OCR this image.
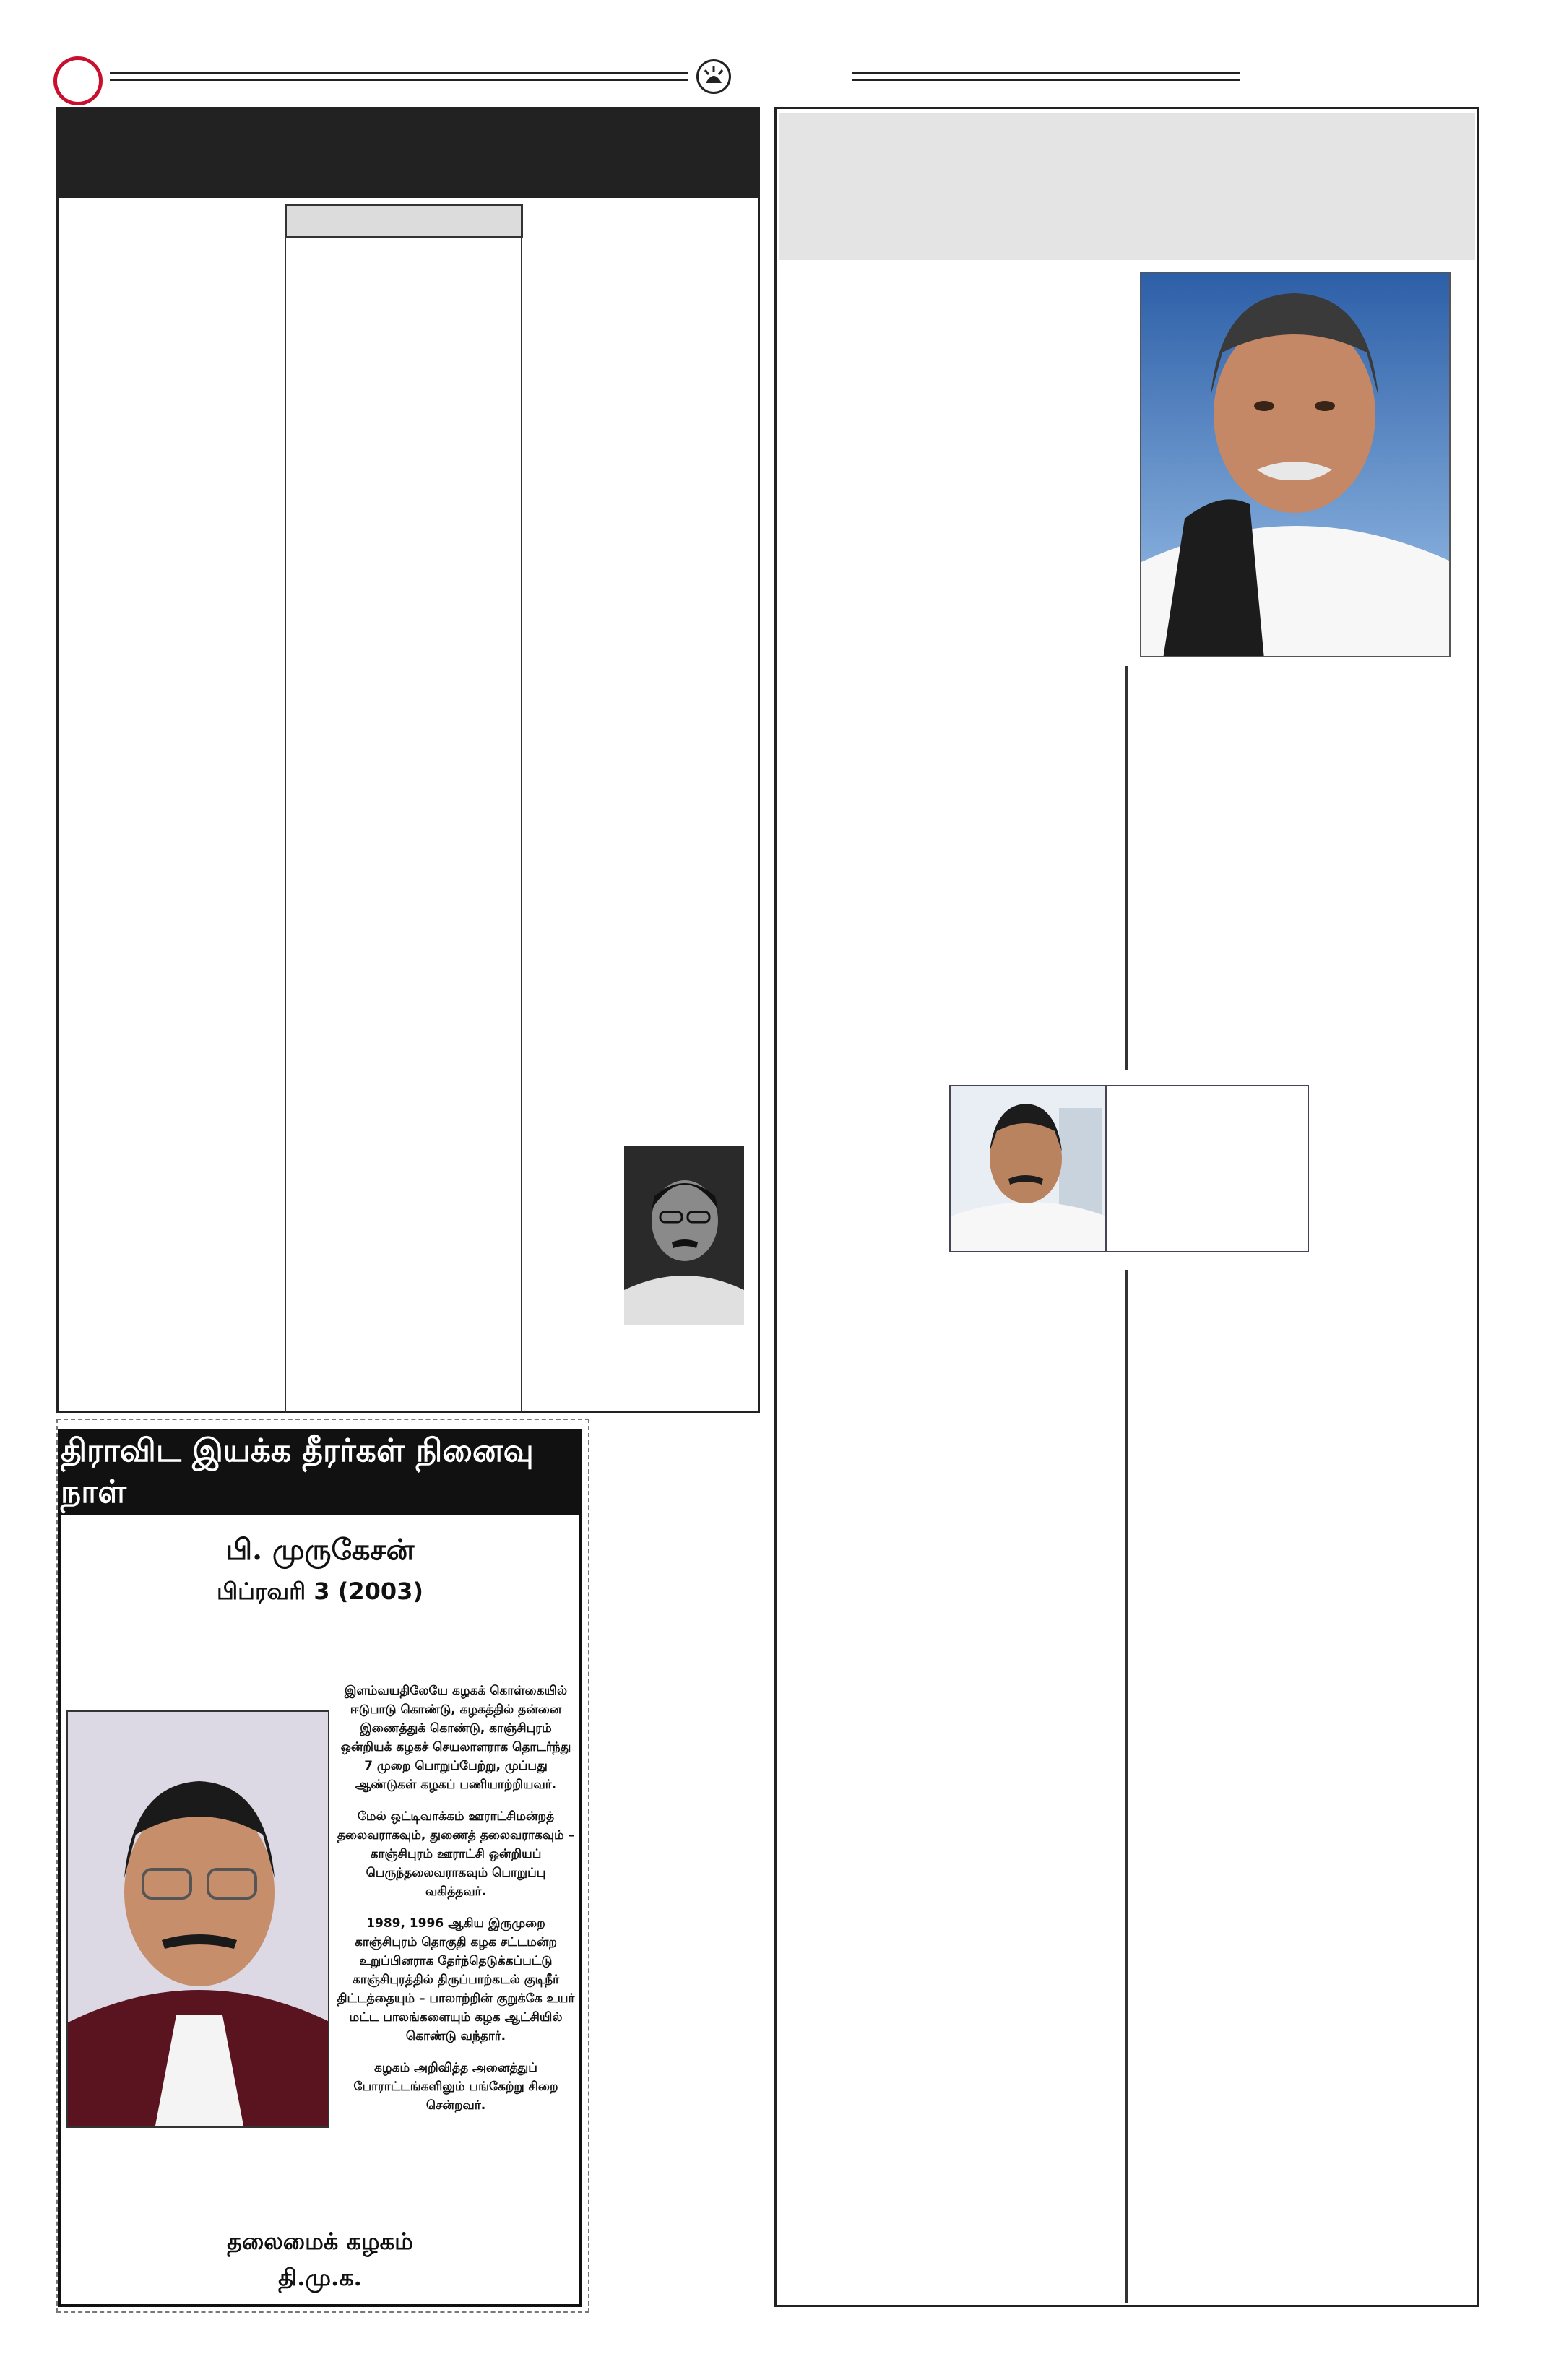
திராவிட இயக்க தீரர்கள் நினைவு நாள்
பி. முருகேசன்
பிப்ரவரி 3 (2003)

இளம்வயதிலேயே கழகக் கொள்கையில் ஈடுபாடு கொண்டு, கழகத்தில் தன்னை இணைத்துக் கொண்டு, காஞ்சிபுரம் ஒன்றியக் கழகச் செயலாளராக தொடர்ந்து 7 முறை பொறுப்பேற்று, முப்பது ஆண்டுகள் கழகப் பணியாற்றியவர்.

மேல் ஒட்டிவாக்கம் ஊராட்சிமன்றத் தலைவராகவும், துணைத் தலைவராகவும் – காஞ்சிபுரம் ஊராட்சி ஒன்றியப் பெருந்தலைவராகவும் பொறுப்பு வகித்தவர்.

1989, 1996 ஆகிய இருமுறை காஞ்சிபுரம் தொகுதி கழக சட்டமன்ற உறுப்பினராக தேர்ந்தெடுக்கப்பட்டு காஞ்சிபுரத்தில் திருப்பாற்கடல் குடிநீர் திட்டத்தையும் – பாலாற்றின் குறுக்கே உயர் மட்ட பாலங்களையும் கழக ஆட்சியில் கொண்டு வந்தார்.

கழகம் அறிவித்த அனைத்துப் போராட்டங்களிலும் பங்கேற்று சிறை சென்றவர்.

தலைமைக் கழகம்
தி.மு.க.
